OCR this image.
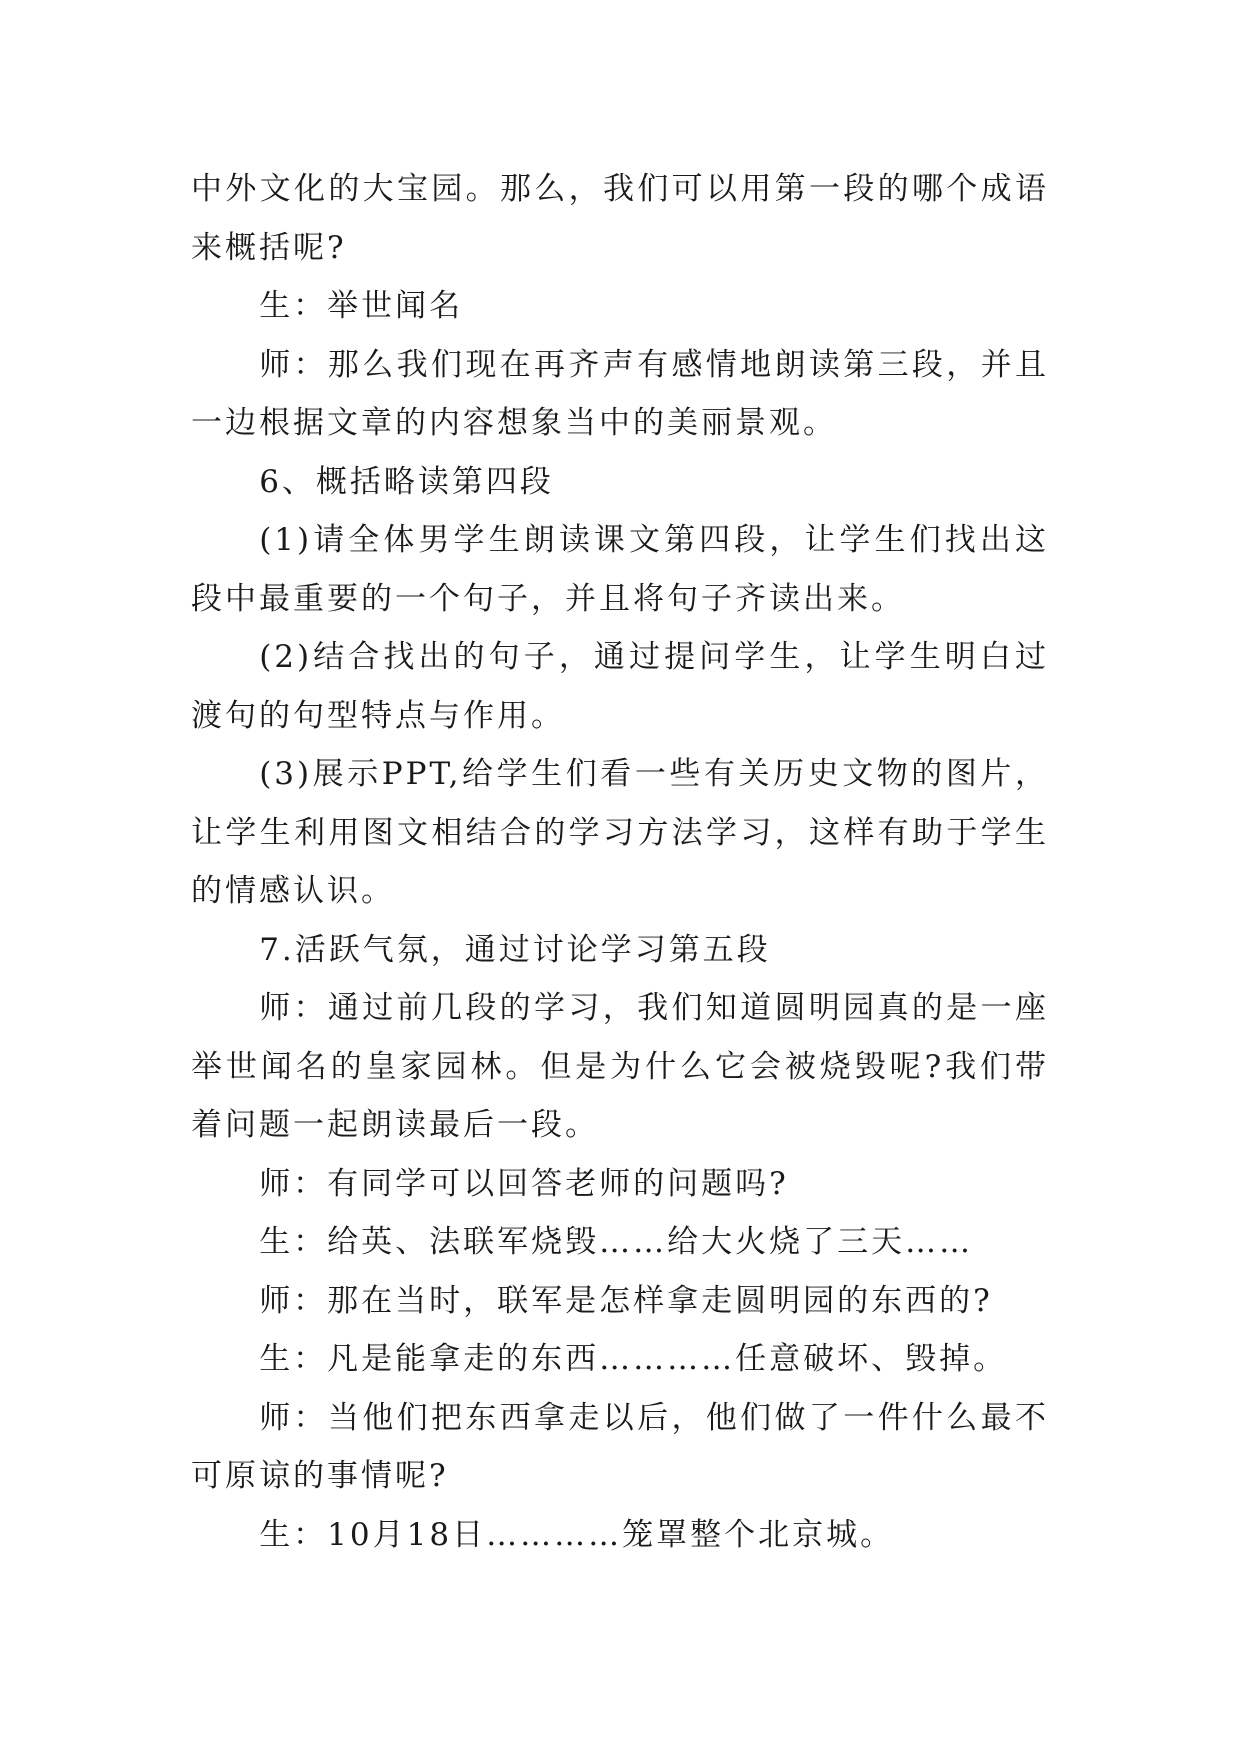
中外文化的大宝园。那么，我们可以用第一段的哪个成语来概括呢?

生：举世闻名

师：那么我们现在再齐声有感情地朗读第三段，并且一边根据文章的内容想象当中的美丽景观。

6、概括略读第四段

(1)请全体男学生朗读课文第四段，让学生们找出这段中最重要的一个句子，并且将句子齐读出来。

(2)结合找出的句子，通过提问学生，让学生明白过渡句的句型特点与作用。

(3)展示PPT,给学生们看一些有关历史文物的图片，让学生利用图文相结合的学习方法学习，这样有助于学生的情感认识。

7.活跃气氛，通过讨论学习第五段

师：通过前几段的学习，我们知道圆明园真的是一座举世闻名的皇家园林。但是为什么它会被烧毁呢?我们带着问题一起朗读最后一段。

师：有同学可以回答老师的问题吗?

生：给英、法联军烧毁……给大火烧了三天……

师：那在当时，联军是怎样拿走圆明园的东西的?

生：凡是能拿走的东西…………任意破坏、毁掉。

师：当他们把东西拿走以后，他们做了一件什么最不可原谅的事情呢?

生：10月18日…………笼罩整个北京城。
